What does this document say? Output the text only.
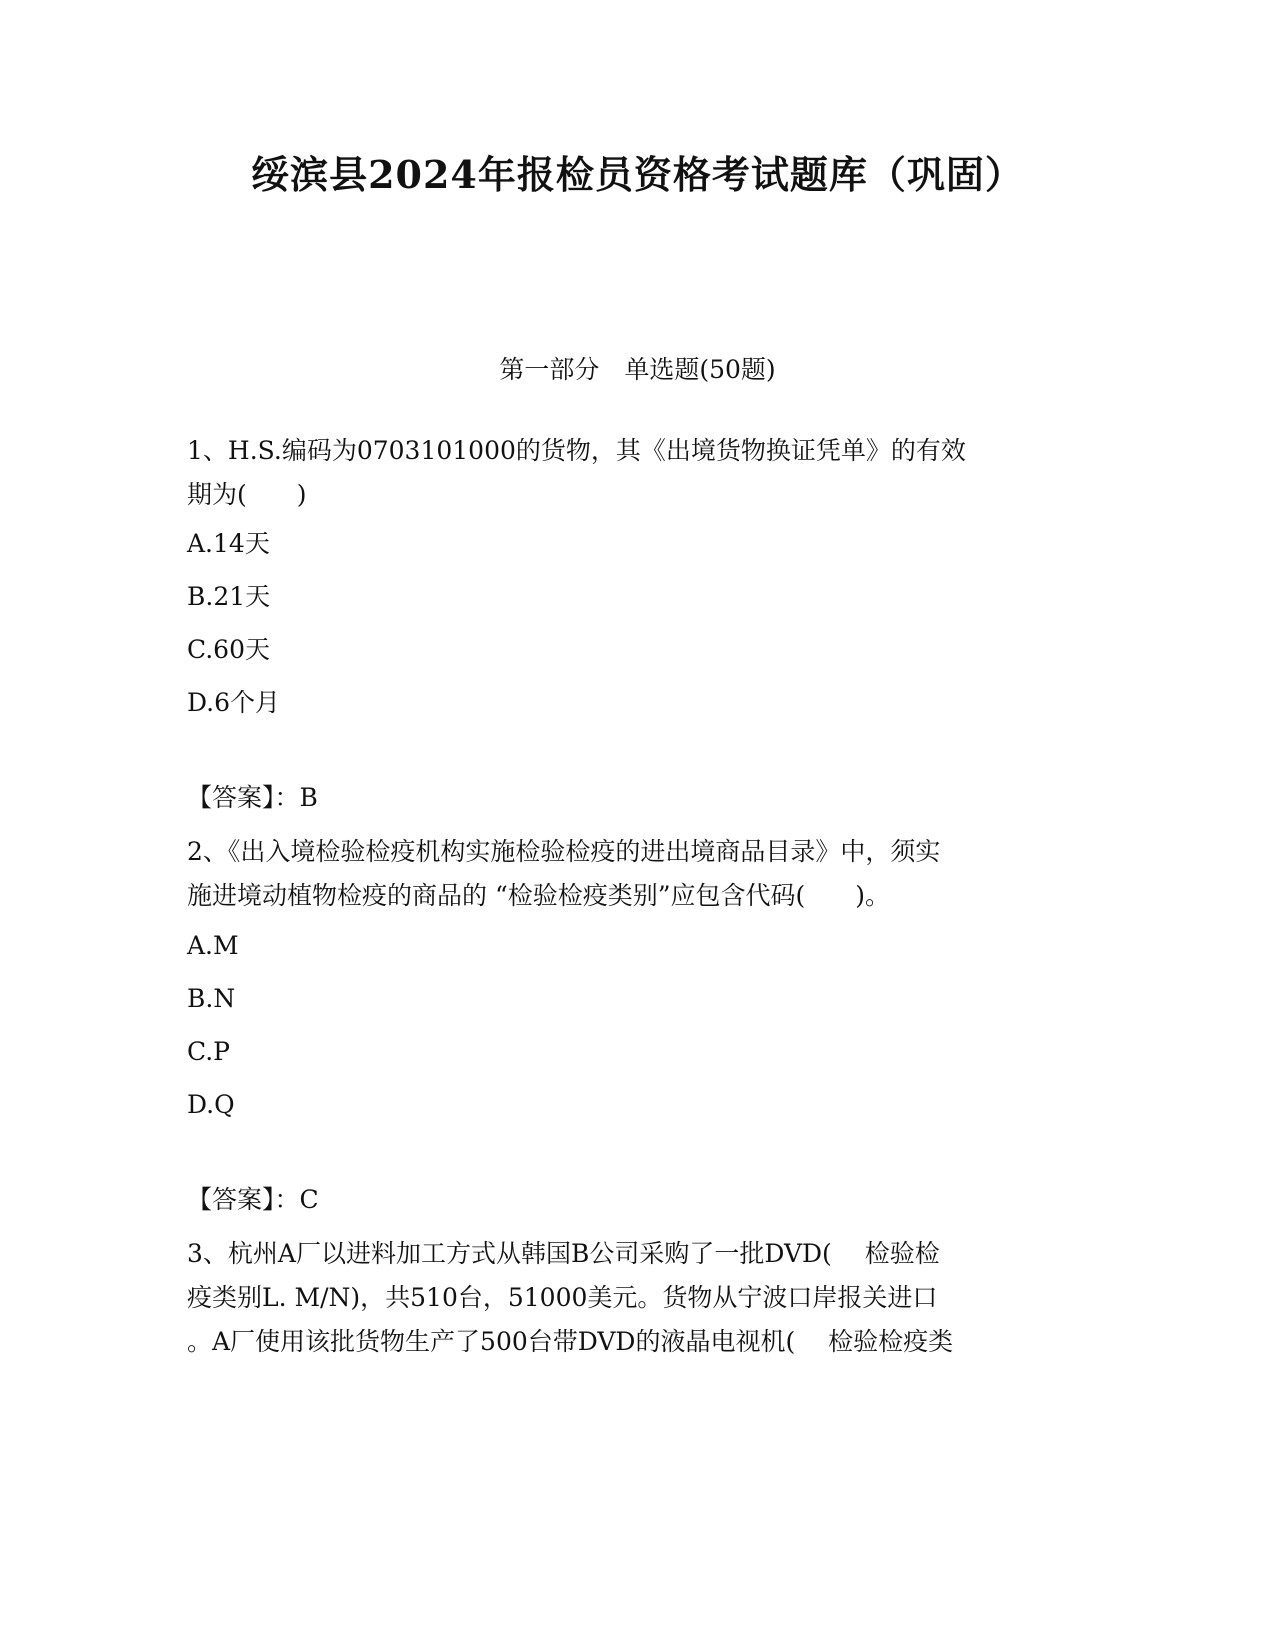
绥滨县2024年报检员资格考试题库（巩固）
第一部分　单选题(50题)
1、H.S.编码为0703101000的货物，其《出境货物换证凭单》的有效
期为(　　)
A.14天
B.21天
C.60天
D.6个月
【答案】：B
2、《出入境检验检疫机构实施检验检疫的进出境商品目录》中，须实
施进境动植物检疫的商品的 “检验检疫类别”应包含代码(　　)。
A.M
B.N
C.P
D.Q
【答案】：C
3、杭州A厂以进料加工方式从韩国B公司采购了一批DVD(　 检验检
疫类别L. M/N)，共510台，51000美元。货物从宁波口岸报关进口
。A厂使用该批货物生产了500台带DVD的液晶电视机(　 检验检疫类
